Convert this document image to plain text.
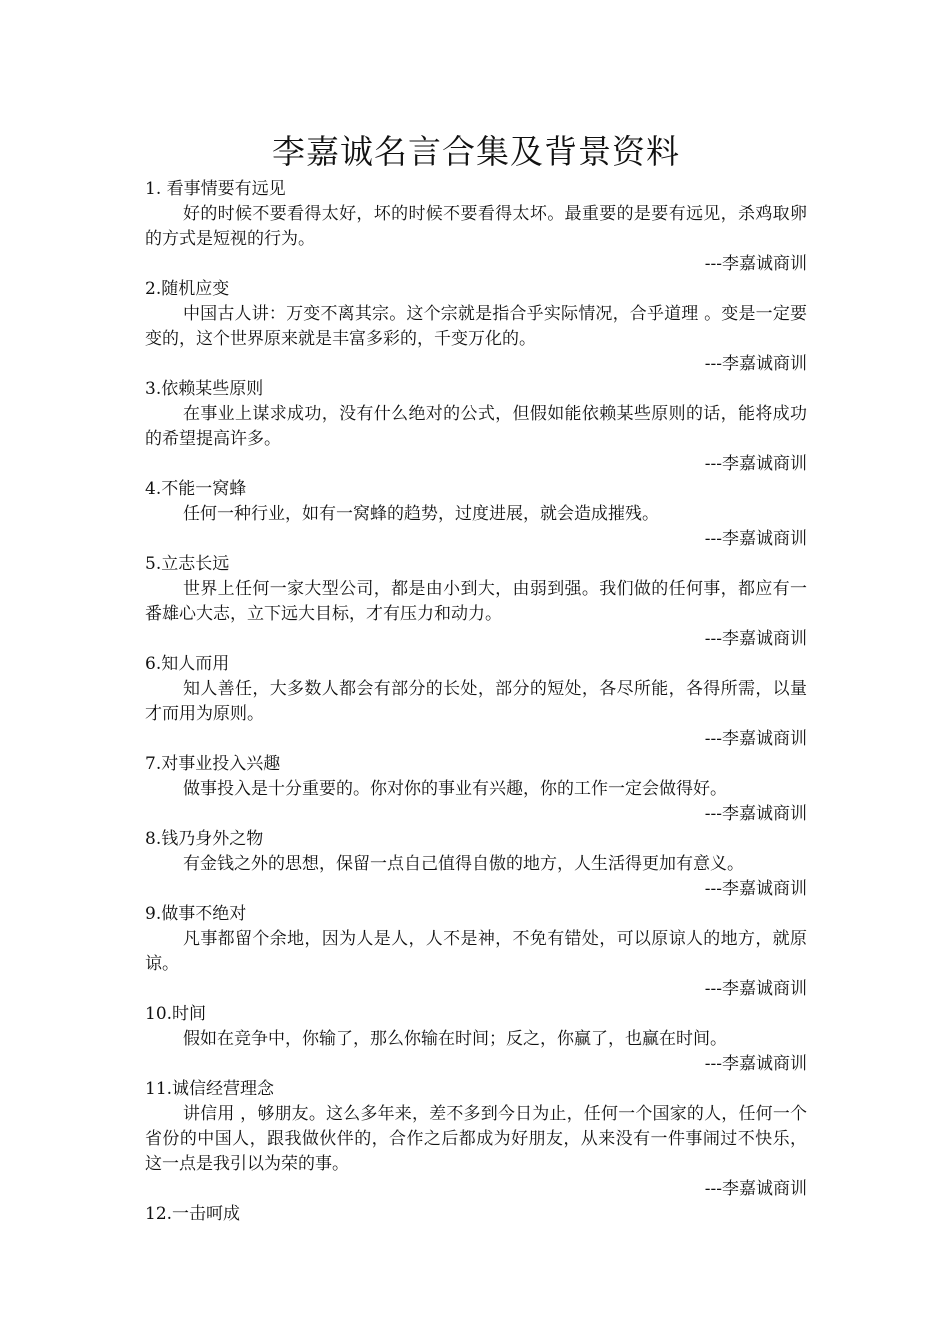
李嘉诚名言合集及背景资料

1. 看事情要有远见

好的时候不要看得太好，坏的时候不要看得太坏。最重要的是要有远见，杀鸡取卵的方式是短视的行为。

---李嘉诚商训

2.随机应变

中国古人讲：万变不离其宗。这个宗就是指合乎实际情况，合乎道理 。变是一定要变的，这个世界原来就是丰富多彩的，千变万化的。

---李嘉诚商训

3.依赖某些原则

在事业上谋求成功，没有什么绝对的公式，但假如能依赖某些原则的话，能将成功的希望提高许多。

---李嘉诚商训

4.不能一窝蜂

任何一种行业，如有一窝蜂的趋势，过度进展，就会造成摧残。

---李嘉诚商训

5.立志长远

世界上任何一家大型公司，都是由小到大，由弱到强。我们做的任何事，都应有一番雄心大志，立下远大目标，才有压力和动力。

---李嘉诚商训

6.知人而用

知人善任，大多数人都会有部分的长处，部分的短处，各尽所能，各得所需，以量才而用为原则。

---李嘉诚商训

7.对事业投入兴趣

做事投入是十分重要的。你对你的事业有兴趣，你的工作一定会做得好。

---李嘉诚商训

8.钱乃身外之物

有金钱之外的思想，保留一点自己值得自傲的地方，人生活得更加有意义。

---李嘉诚商训

9.做事不绝对

凡事都留个余地，因为人是人，人不是神，不免有错处，可以原谅人的地方，就原谅。

---李嘉诚商训

10.时间

假如在竞争中，你输了，那么你输在时间；反之，你赢了，也赢在时间。

---李嘉诚商训

11.诚信经营理念

讲信用 ，够朋友。这么多年来，差不多到今日为止，任何一个国家的人，任何一个省份的中国人，跟我做伙伴的，合作之后都成为好朋友，从来没有一件事闹过不快乐，这一点是我引以为荣的事。

---李嘉诚商训

12.一击呵成
